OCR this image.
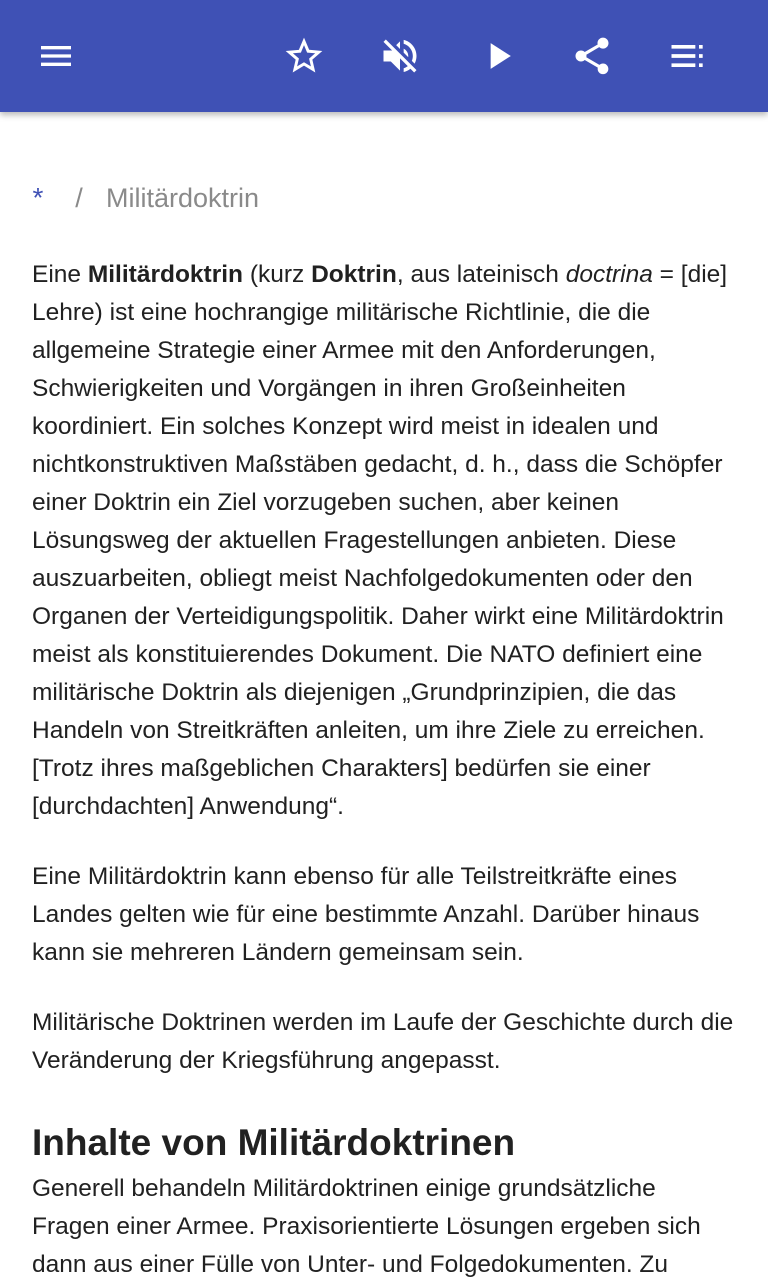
* / Militärdoktrin
Eine Militärdoktrin (kurz Doktrin, aus lateinisch doctrina = [die] Lehre) ist eine hochrangige militärische Richtlinie, die die allgemeine Strategie einer Armee mit den Anforderungen, Schwierigkeiten und Vorgängen in ihren Großeinheiten koordiniert. Ein solches Konzept wird meist in idealen und nichtkonstruktiven Maßstäben gedacht, d. h., dass die Schöpfer einer Doktrin ein Ziel vorzugeben suchen, aber keinen Lösungsweg der aktuellen Fragestellungen anbieten. Diese auszuarbeiten, obliegt meist Nachfolgedokumenten oder den Organen der Verteidigungspolitik. Daher wirkt eine Militärdoktrin meist als konstituierendes Dokument. Die NATO definiert eine militärische Doktrin als diejenigen „Grundprinzipien, die das Handeln von Streitkräften anleiten, um ihre Ziele zu erreichen. [Trotz ihres maßgeblichen Charakters] bedürfen sie einer [durchdachten] Anwendung“.
Eine Militärdoktrin kann ebenso für alle Teilstreitkräfte eines Landes gelten wie für eine bestimmte Anzahl. Darüber hinaus kann sie mehreren Ländern gemeinsam sein.
Militärische Doktrinen werden im Laufe der Geschichte durch die Veränderung der Kriegsführung angepasst.
Inhalte von Militärdoktrinen
Generell behandeln Militärdoktrinen einige grundsätzliche Fragen einer Armee. Praxisorientierte Lösungen ergeben sich dann aus einer Fülle von Unter- und Folgedokumenten. Zu
